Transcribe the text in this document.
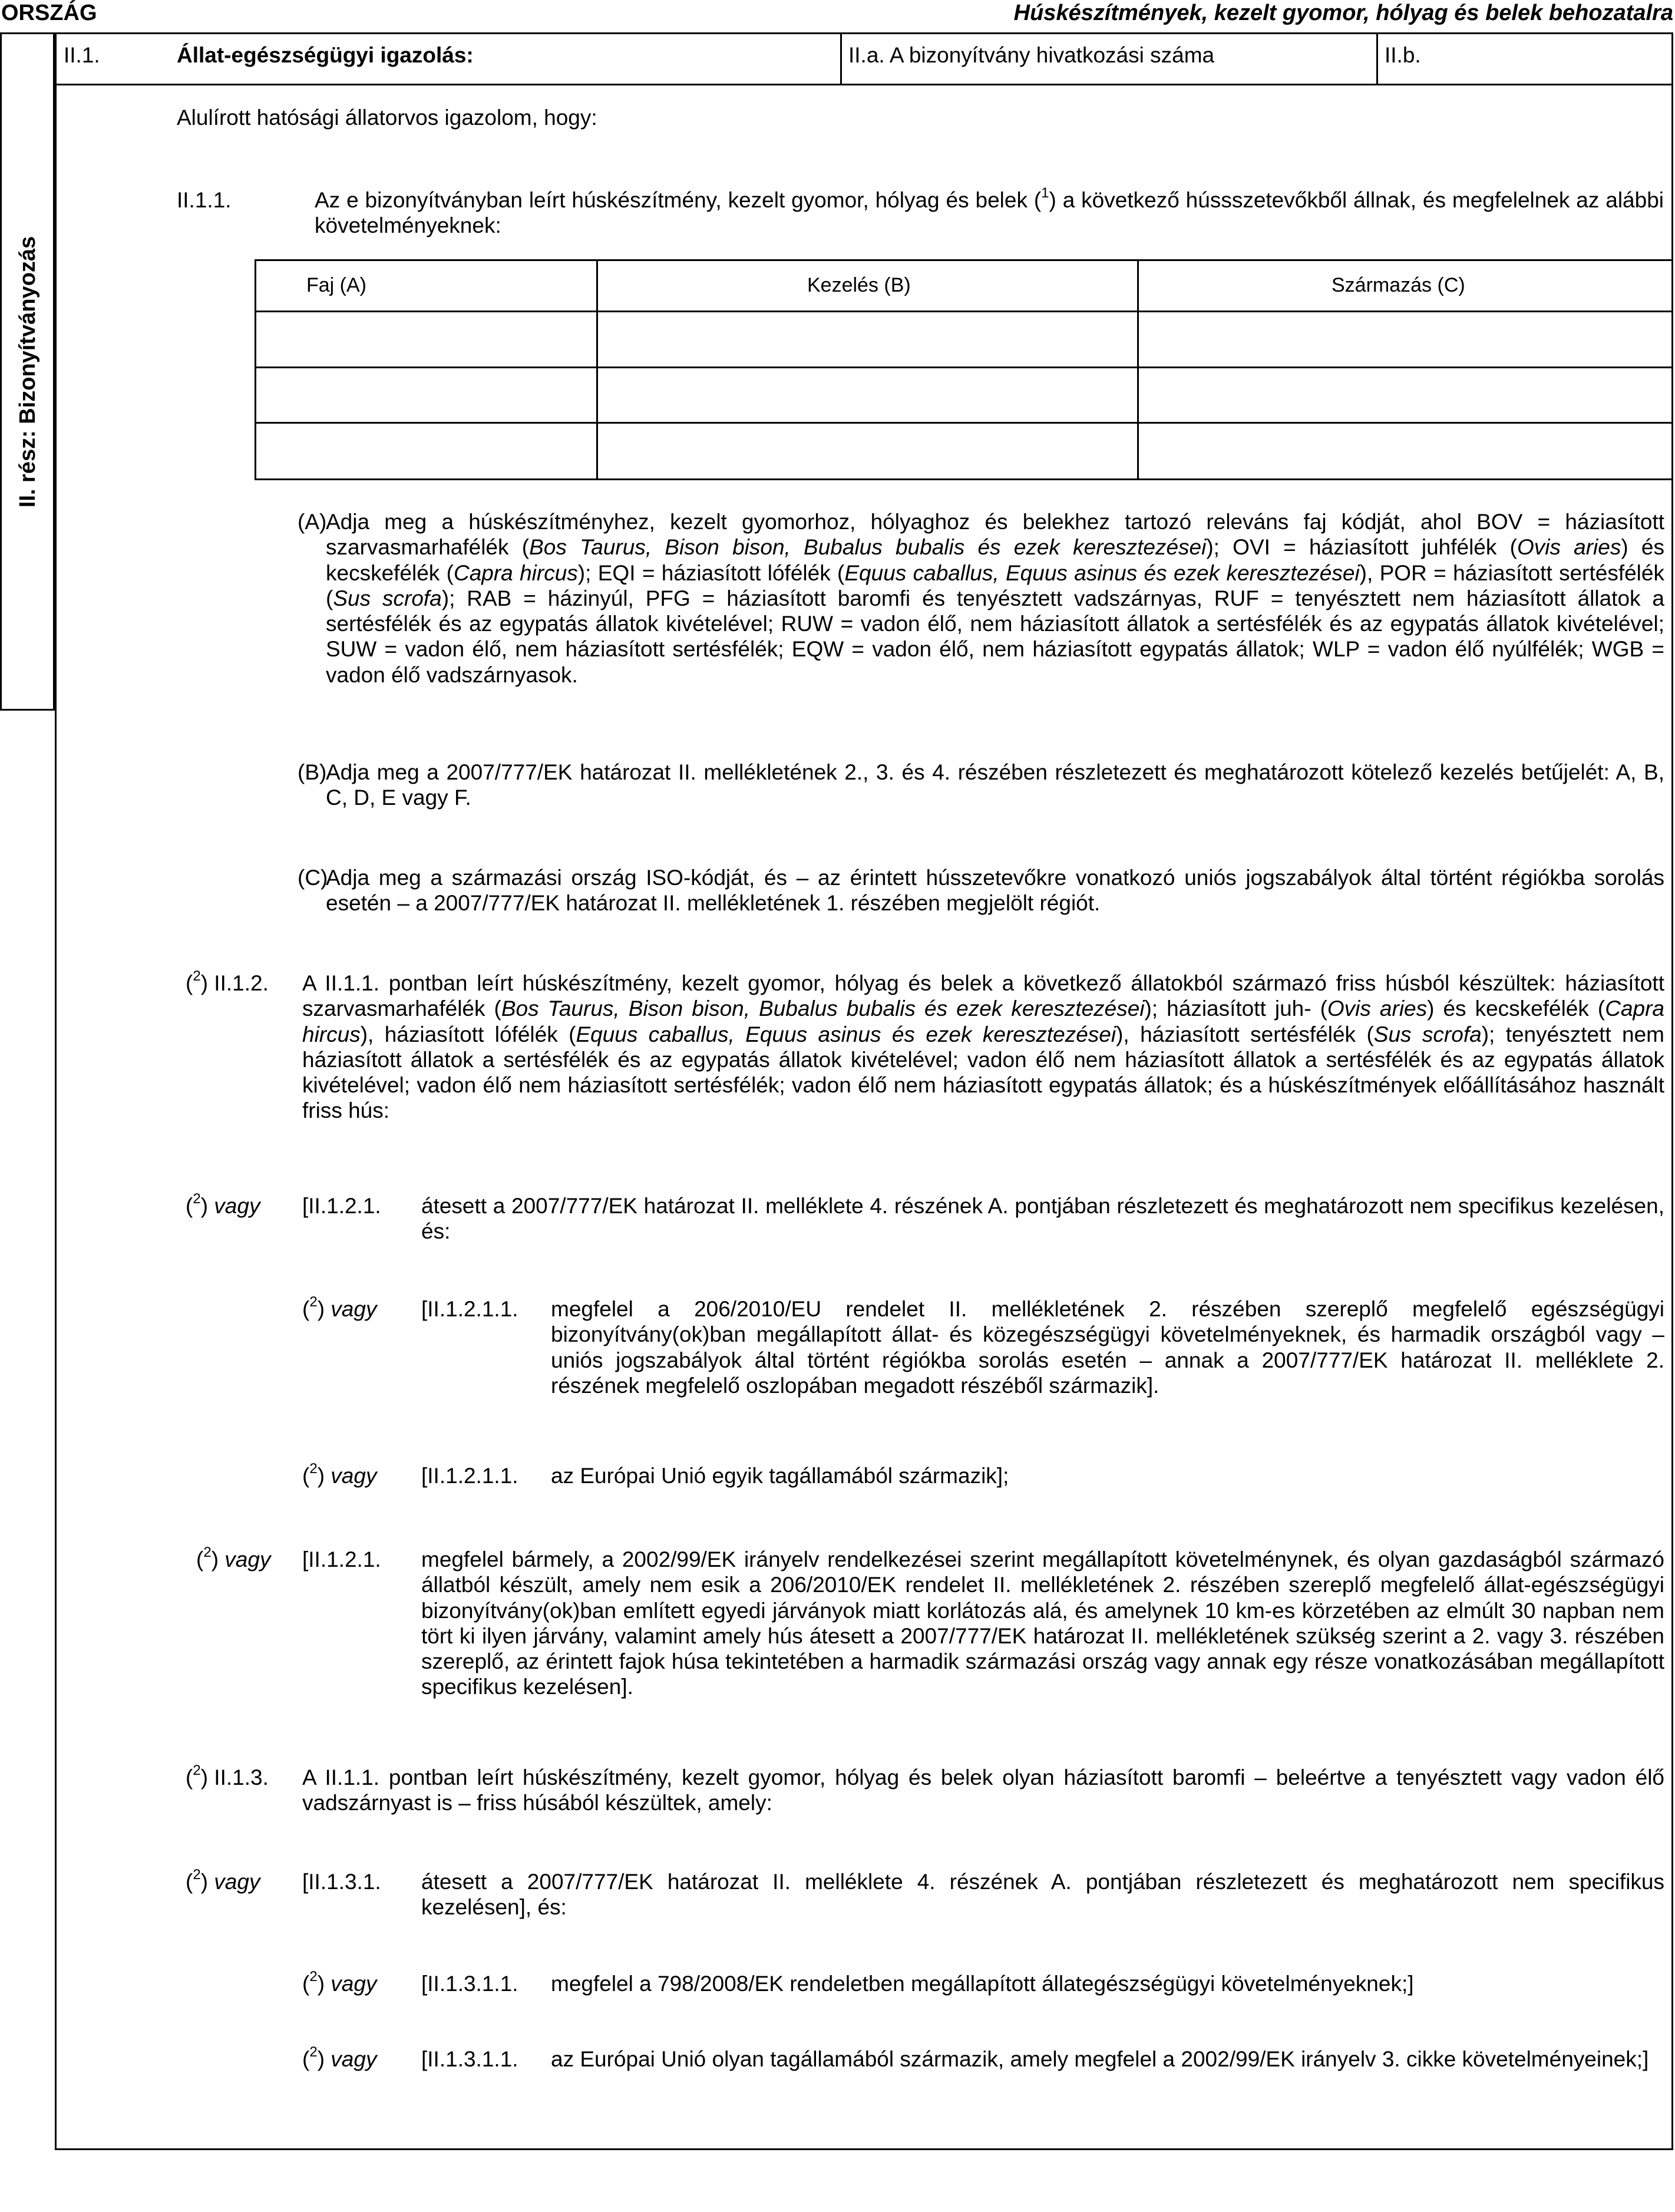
ORSZÁG	Húskészítmények, kezelt gyomor, hólyag és belek behozatalra
II. rész: Bizonyítványozás
II.1.	Állat-egészségügyi igazolás:	II.a. A bizonyítvány hivatkozási száma	II.b.
Alulírott hatósági állatorvos igazolom, hogy:
II.1.1.	Az e bizonyítványban leírt húskészítmény, kezelt gyomor, hólyag és belek ($^1$) a következő hússszetevőkből állnak, és megfelelnek az alábbi követelményeknek:
Faj (A)	Kezelés (B)	Származás (C)
(A)
Adja meg a húskészítményhez, kezelt gyomorhoz, hólyaghoz és belekhez tartozó releváns faj kódját, ahol BOV = háziasított szarvasmarhafélék (Bos Taurus, Bison bison, Bubalus bubalis és ezek keresztezései); OVI = háziasított juhfélék (Ovis aries) és kecskefélék (Capra hircus); EQI = háziasított lófélék (Equus caballus, Equus asinus és ezek keresztezései), POR = háziasított sertésfélék (Sus scrofa); RAB = házinyúl, PFG = háziasított baromfi és tenyésztett vadszárnyas, RUF = tenyésztett nem háziasított állatok a sertésfélék és az egypatás állatok kivételével; RUW = vadon élő, nem háziasított állatok a sertésfélék és az egypatás állatok kivételével; SUW = vadon élő, nem háziasított sertésfélék; EQW = vadon élő, nem háziasított egypatás állatok; WLP = vadon élő nyúlfélék; WGB = vadon élő vadszárnyasok.
(B)
Adja meg a 2007/777/EK határozat II. mellékletének 2., 3. és 4. részében részletezett és meghatározott kötelező kezelés betűjelét: A, B, C, D, E vagy F.
(C)
Adja meg a származási ország ISO-kódját, és – az érintett hússzetevőkre vonatkozó uniós jogszabályok által történt régiókba sorolás esetén – a 2007/777/EK határozat II. mellékletének 1. részében megjelölt régiót.
($^2$) II.1.2. A II.1.1. pontban leírt húskészítmény, kezelt gyomor, hólyag és belek a következő állatokból származó friss húsból készültek: háziasított szarvasmarhafélék (Bos Taurus, Bison bison, Bubalus bubalis és ezek keresztezései); háziasított juh- (Ovis aries) és kecskefélék (Capra hircus), háziasított lófélék (Equus caballus, Equus asinus és ezek keresztezései), háziasított sertésfélék (Sus scrofa); tenyésztett nem háziasított állatok a sertésfélék és az egypatás állatok kivételével; vadon élő nem háziasított állatok a sertésfélék és az egypatás állatok kivételével; vadon élő nem háziasított sertésfélék; vadon élő nem háziasított egypatás állatok; és a húskészítmények előállításához használt friss hús:
($^2$) vagy [II.1.2.1. átesett a 2007/777/EK határozat II. melléklete 4. részének A. pontjában részletezett és meghatározott nem specifikus kezelésen, és:
($^2$) vagy [II.1.2.1.1. megfelel a 206/2010/EU rendelet II. mellékletének 2. részében szereplő megfelelő egészségügyi bizonyítvány(ok)ban megállapított állat- és közegészségügyi követelményeknek, és harmadik országból vagy – uniós jogszabályok által történt régiókba sorolás esetén – annak a 2007/777/EK határozat II. melléklete 2. részének megfelelő oszlopában megadott részéből származik].
($^2$) vagy [II.1.2.1.1. az Európai Unió egyik tagállamából származik];
($^2$) vagy [II.1.2.1. megfelel bármely, a 2002/99/EK irányelv rendelkezései szerint megállapított követelménynek, és olyan gazdaságból származó állatból készült, amely nem esik a 206/2010/EK rendelet II. mellékletének 2. részében szereplő megfelelő állat-egészségügyi bizonyítvány(ok)ban említett egyedi járványok miatt korlátozás alá, és amelynek 10 km-es körzetében az elmúlt 30 napban nem tört ki ilyen járvány, valamint amely hús átesett a 2007/777/EK határozat II. mellékletének szükség szerint a 2. vagy 3. részében szereplő, az érintett fajok húsa tekintetében a harmadik származási ország vagy annak egy része vonatkozásában megállapított specifikus kezelésen].
($^2$) II.1.3. A II.1.1. pontban leírt húskészítmény, kezelt gyomor, hólyag és belek olyan háziasított baromfi – beleértve a tenyésztett vagy vadon élő vadszárnyast is – friss húsából készültek, amely:
($^2$) vagy [II.1.3.1. átesett a 2007/777/EK határozat II. melléklete 4. részének A. pontjában részletezett és meghatározott nem specifikus kezelésen], és:
($^2$) vagy [II.1.3.1.1. megfelel a 798/2008/EK rendeletben megállapított állategészségügyi követelményeknek;]
($^2$) vagy [II.1.3.1.1. az Európai Unió olyan tagállamából származik, amely megfelel a 2002/99/EK irányelv 3. cikke követelményeinek;]
